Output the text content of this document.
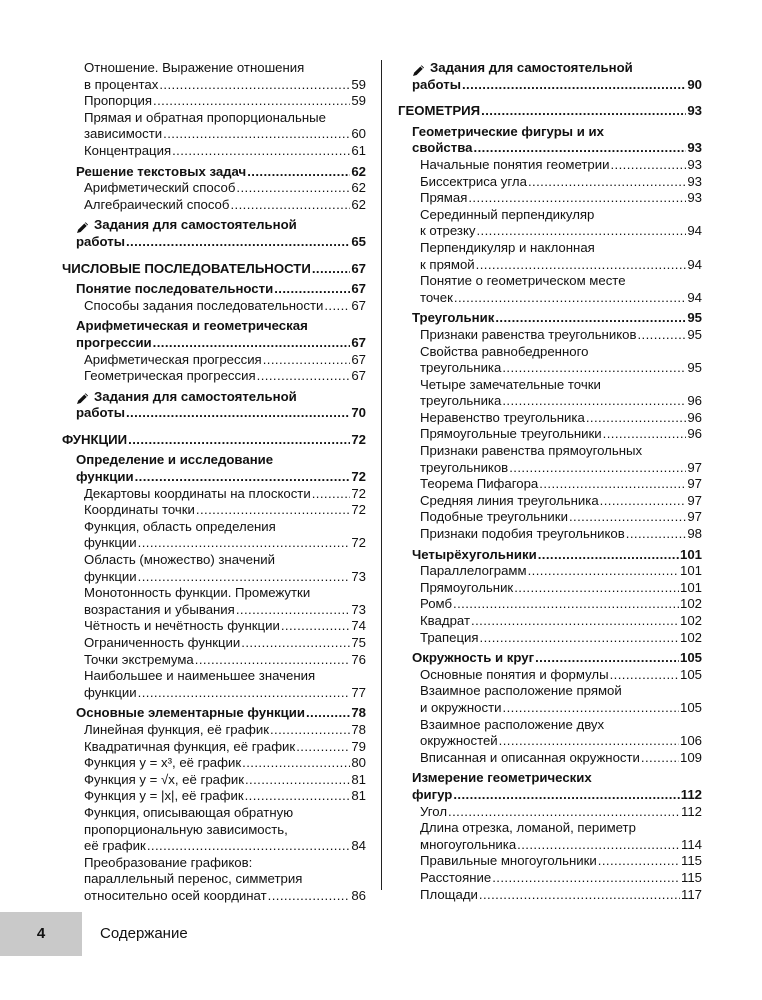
Отношение. Выражение отношения
в процентах .....	59
Пропорция .....	59
Прямая и обратная пропорциональные
зависимости .....	60
Концентрация .....	61
Решение текстовых задач .....	62
Арифметический способ .....	62
Алгебраический способ .....	62
Задания для самостоятельной
работы .....	65
ЧИСЛОВЫЕ ПОСЛЕДОВАТЕЛЬНОСТИ .....	67
Понятие последовательности .....	67
Способы задания последовательности ..... 67
Арифметическая и геометрическая
прогрессии .....	67
Арифметическая прогрессия .....	67
Геометрическая прогрессия .....	67
Задания для самостоятельной
работы .....	70
ФУНКЦИИ .....	72
Определение и исследование
функции .....	72
Декартовы координаты на плоскости .....	72
Координаты точки .....	72
Функция, область определения
функции .....	72
Область (множество) значений
функции .....	73
Монотонность функции. Промежутки
возрастания и убывания .....	73
Чётность и нечётность функции .....	74
Ограниченность функции .....	75
Точки экстремума .....	76
Наибольшее и наименьшее значения
функции .....	77
Основные элементарные функции .....	78
Линейная функция, её график .....	78
Квадратичная функция, её график .....	79
Функция y = x³, её график .....	80
Функция y = √x, её график .....	81
Функция y = |x|, её график .....	81
Функция, описывающая обратную
пропорциональную зависимость,
её график .....	84
Преобразование графиков:
параллельный перенос, симметрия
относительно осей координат .....	86
Задания для самостоятельной
работы .....	90
ГЕОМЕТРИЯ .....	93
Геометрические фигуры и их
свойства .....	93
Начальные понятия геометрии .....	93
Биссектриса угла .....	93
Прямая .....	93
Серединный перпендикуляр
к отрезку .....	94
Перпендикуляр и наклонная
к прямой .....	94
Понятие о геометрическом месте
точек .....	94
Треугольник .....	95
Признаки равенства треугольников .....	95
Свойства равнобедренного
треугольника .....	95
Четыре замечательные точки
треугольника .....	96
Неравенство треугольника .....	96
Прямоугольные треугольники .....	96
Признаки равенства прямоугольных
треугольников .....	97
Теорема Пифагора .....	97
Средняя линия треугольника .....	97
Подобные треугольники .....	97
Признаки подобия треугольников .....	98
Четырёхугольники .....	101
Параллелограмм .....	101
Прямоугольник .....	101
Ромб .....	102
Квадрат .....	102
Трапеция .....	102
Окружность и круг .....	105
Основные понятия и формулы .....	105
Взаимное расположение прямой
и окружности .....	105
Взаимное расположение двух
окружностей .....	106
Вписанная и описанная окружности .....	109
Измерение геометрических
фигур .....	112
Угол .....	112
Длина отрезка, ломаной, периметр
многоугольника .....	114
Правильные многоугольники .....	115
Расстояние .....	115
Площади .....	117
4	Содержание
